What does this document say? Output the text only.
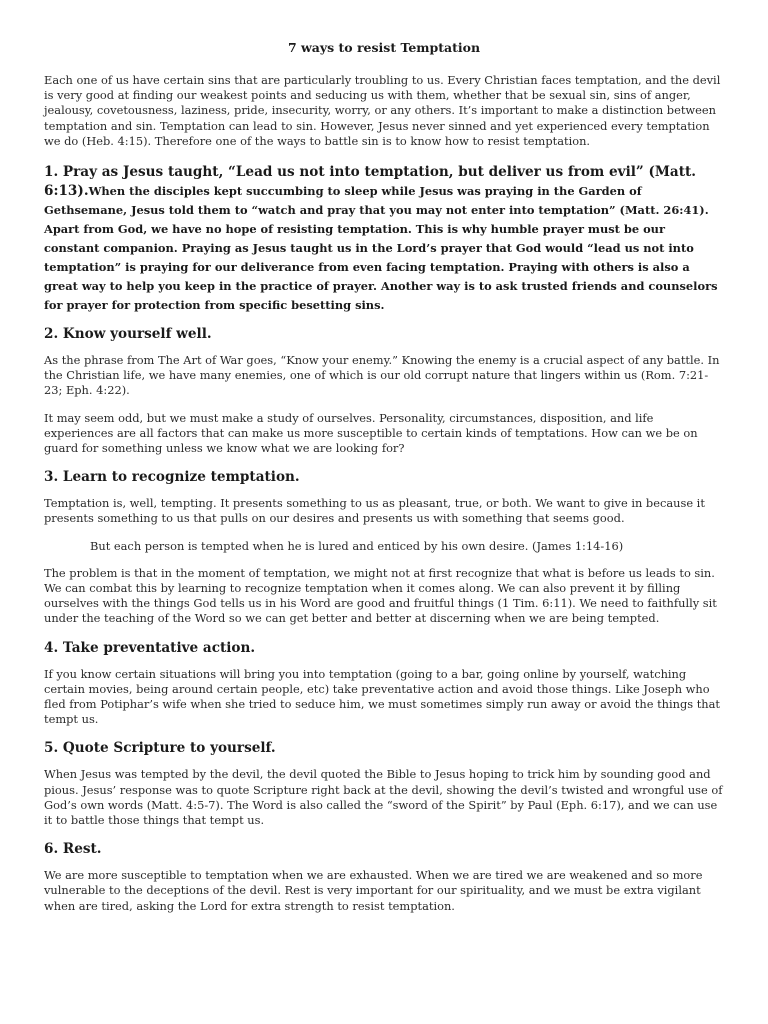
7 ways to resist Temptation

Each one of us have certain sins that are particularly troubling to us. Every Christian faces temptation, and the devil is very good at finding our weakest points and seducing us with them, whether that be sexual sin, sins of anger, jealousy, covetousness, laziness, pride, insecurity, worry, or any others. It’s important to make a distinction between temptation and sin. Temptation can lead to sin. However, Jesus never sinned and yet experienced every temptation we do (Heb. 4:15). Therefore one of the ways to battle sin is to know how to resist temptation.

1. Pray as Jesus taught, “Lead us not into temptation, but deliver us from evil” (Matt. 6:13).When the disciples kept succumbing to sleep while Jesus was praying in the Garden of Gethsemane, Jesus told them to “watch and pray that you may not enter into temptation” (Matt. 26:41). Apart from God, we have no hope of resisting temptation. This is why humble prayer must be our constant companion. Praying as Jesus taught us in the Lord’s prayer that God would “lead us not into temptation” is praying for our deliverance from even facing temptation. Praying with others is also a great way to help you keep in the practice of prayer. Another way is to ask trusted friends and counselors for prayer for protection from specific besetting sins.
2. Know yourself well.

As the phrase from The Art of War goes, “Know your enemy.” Knowing the enemy is a crucial aspect of any battle. In the Christian life, we have many enemies, one of which is our old corrupt nature that lingers within us (Rom. 7:21-23; Eph. 4:22).

It may seem odd, but we must make a study of ourselves. Personality, circumstances, disposition, and life experiences are all factors that can make us more susceptible to certain kinds of temptations. How can we be on guard for something unless we know what we are looking for?

3. Learn to recognize temptation.

Temptation is, well, tempting. It presents something to us as pleasant, true, or both. We want to give in because it presents something to us that pulls on our desires and presents us with something that seems good.

But each person is tempted when he is lured and enticed by his own desire. (James 1:14-16)

The problem is that in the moment of temptation, we might not at first recognize that what is before us leads to sin. We can combat this by learning to recognize temptation when it comes along. We can also prevent it by filling ourselves with the things God tells us in his Word are good and fruitful things (1 Tim. 6:11). We need to faithfully sit under the teaching of the Word so we can get better and better at discerning when we are being tempted.

4. Take preventative action.

If you know certain situations will bring you into temptation (going to a bar, going online by yourself, watching certain movies, being around certain people, etc) take preventative action and avoid those things. Like Joseph who fled from Potiphar’s wife when she tried to seduce him, we must sometimes simply run away or avoid the things that tempt us.

5. Quote Scripture to yourself.

When Jesus was tempted by the devil, the devil quoted the Bible to Jesus hoping to trick him by sounding good and pious. Jesus’ response was to quote Scripture right back at the devil, showing the devil’s twisted and wrongful use of God’s own words (Matt. 4:5-7). The Word is also called the “sword of the Spirit” by Paul (Eph. 6:17), and we can use it to battle those things that tempt us.

6. Rest.

We are more susceptible to temptation when we are exhausted. When we are tired we are weakened and so more vulnerable to the deceptions of the devil. Rest is very important for our spirituality, and we must be extra vigilant when are tired, asking the Lord for extra strength to resist temptation.
